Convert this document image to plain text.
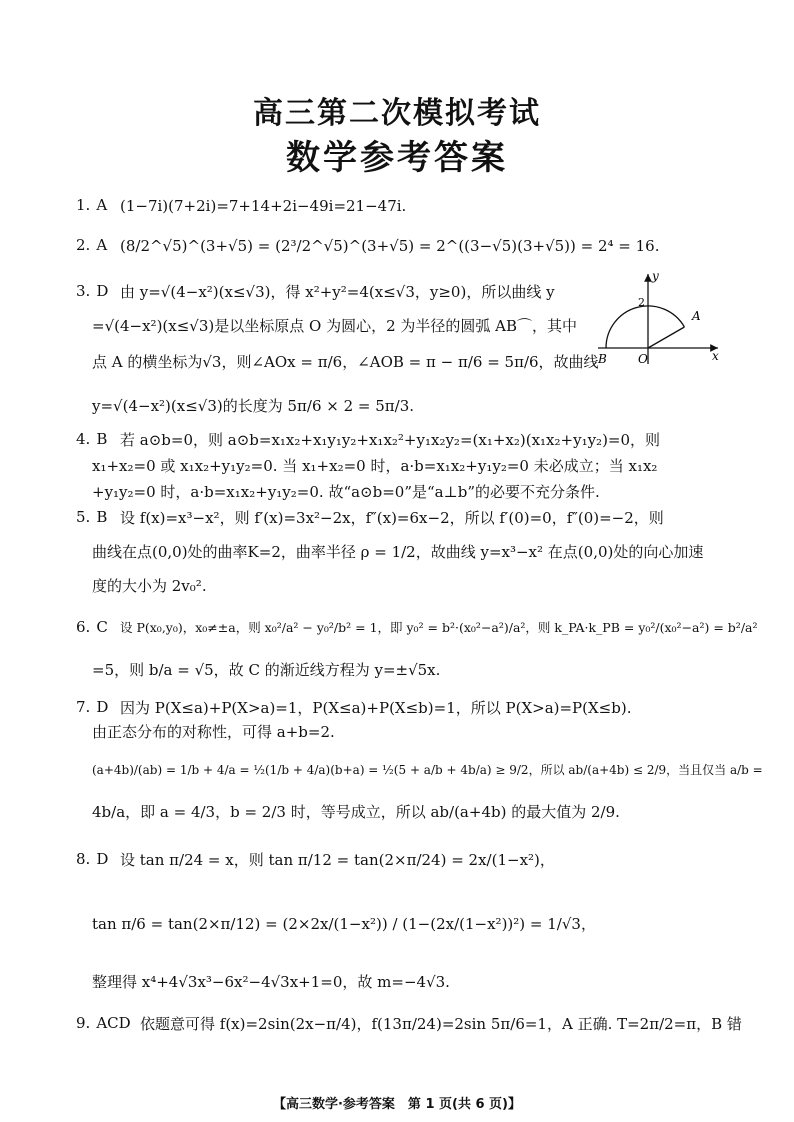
高三第二次模拟考试
数学参考答案
1. A (1−7i)(7+2i)=7+14+2i−49i=21−47i.
2. A (8/2^√5)^(3+√5) = (2³/2^√5)^(3+√5) = 2^((3−√5)(3+√5)) = 2⁴ = 16.
3. D 由 y=√(4−x²)(x≤√3)，得 x²+y²=4(x≤√3，y≥0)，所以曲线 y
=√(4−x²)(x≤√3)是以坐标原点 O 为圆心，2 为半径的圆弧 AB⌒，其中
点 A 的横坐标为√3，则∠AOx = π/6，∠AOB = π − π/6 = 5π/6，故曲线
y=√(4−x²)(x≤√3)的长度为 5π/6 × 2 = 5π/3.
y
x
2
A
B	O
4. B 若 a⊙b=0，则 a⊙b=x₁x₂+x₁y₁y₂+x₁x₂²+y₁x₂y₂=(x₁+x₂)(x₁x₂+y₁y₂)=0，则
x₁+x₂=0 或 x₁x₂+y₁y₂=0. 当 x₁+x₂=0 时，a·b=x₁x₂+y₁y₂=0 未必成立；当 x₁x₂
+y₁y₂=0 时，a·b=x₁x₂+y₁y₂=0. 故“a⊙b=0”是“a⊥b”的必要不充分条件.
5. B 设 f(x)=x³−x²，则 f′(x)=3x²−2x，f″(x)=6x−2，所以 f′(0)=0，f″(0)=−2，则
曲线在点(0,0)处的曲率K=2，曲率半径 ρ = 1/2，故曲线 y=x³−x² 在点(0,0)处的向心加速
度的大小为 2v₀².
6. C 设 P(x₀,y₀)，x₀≠±a，则 x₀²/a² − y₀²/b² = 1，即 y₀² = b²·(x₀²−a²)/a²，则 k_PA·k_PB = y₀²/(x₀²−a²) = b²/a²
=5，则 b/a = √5，故 C 的渐近线方程为 y=±√5x.
7. D 因为 P(X≤a)+P(X>a)=1，P(X≤a)+P(X≤b)=1，所以 P(X>a)=P(X≤b).
由正态分布的对称性，可得 a+b=2.
(a+4b)/(ab) = 1/b + 4/a = ½(1/b + 4/a)(b+a) = ½(5 + a/b + 4b/a) ≥ 9/2，所以 ab/(a+4b) ≤ 2/9，当且仅当 a/b =
4b/a，即 a = 4/3，b = 2/3 时，等号成立，所以 ab/(a+4b) 的最大值为 2/9.
8. D 设 tan π/24 = x，则 tan π/12 = tan(2×π/24) = 2x/(1−x²)，
tan π/6 = tan(2×π/12) = (2×2x/(1−x²)) / (1−(2x/(1−x²))²) = 1/√3，
整理得 x⁴+4√3x³−6x²−4√3x+1=0，故 m=−4√3.
9. ACD 依题意可得 f(x)=2sin(2x−π/4)，f(13π/24)=2sin 5π/6=1，A 正确. T=2π/2=π，B 错
【高三数学·参考答案　第 1 页(共 6 页)】
